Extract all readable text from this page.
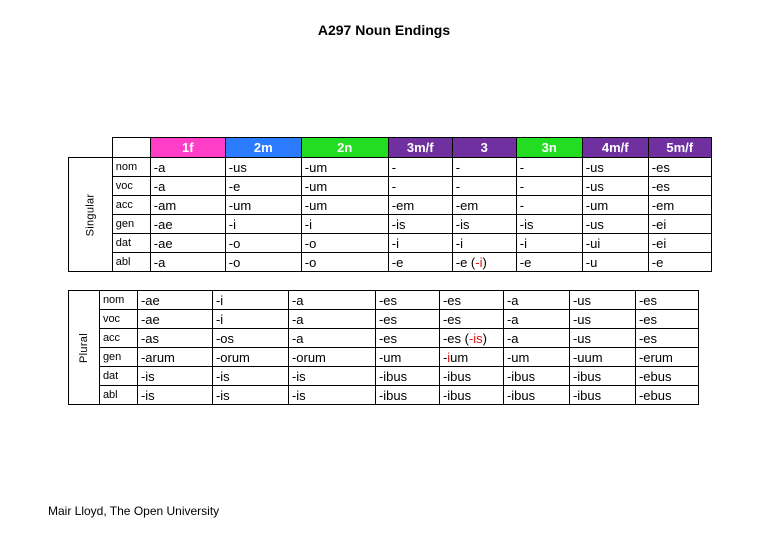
A297 Noun Endings
		1f	2m	2n	3m/f	3	3n	4m/f	5m/f
Singular	nom	-a	-us	-um	-	-	-	-us	-es
	voc	-a	-e	-um	-	-	-	-us	-es
	acc	-am	-um	-um	-em	-em	-	-um	-em
	gen	-ae	-i	-i	-is	-is	-is	-us	-ei
	dat	-ae	-o	-o	-i	-i	-i	-ui	-ei
	abl	-a	-o	-o	-e	-e (-i)	-e	-u	-e
Plural	nom	-ae	-i	-a	-es	-es	-a	-us	-es
	voc	-ae	-i	-a	-es	-es	-a	-us	-es
	acc	-as	-os	-a	-es	-es (-is)	-a	-us	-es
	gen	-arum	-orum	-orum	-um	-ium	-um	-uum	-erum
	dat	-is	-is	-is	-ibus	-ibus	-ibus	-ibus	-ebus
	abl	-is	-is	-is	-ibus	-ibus	-ibus	-ibus	-ebus
Mair Lloyd, The Open University
